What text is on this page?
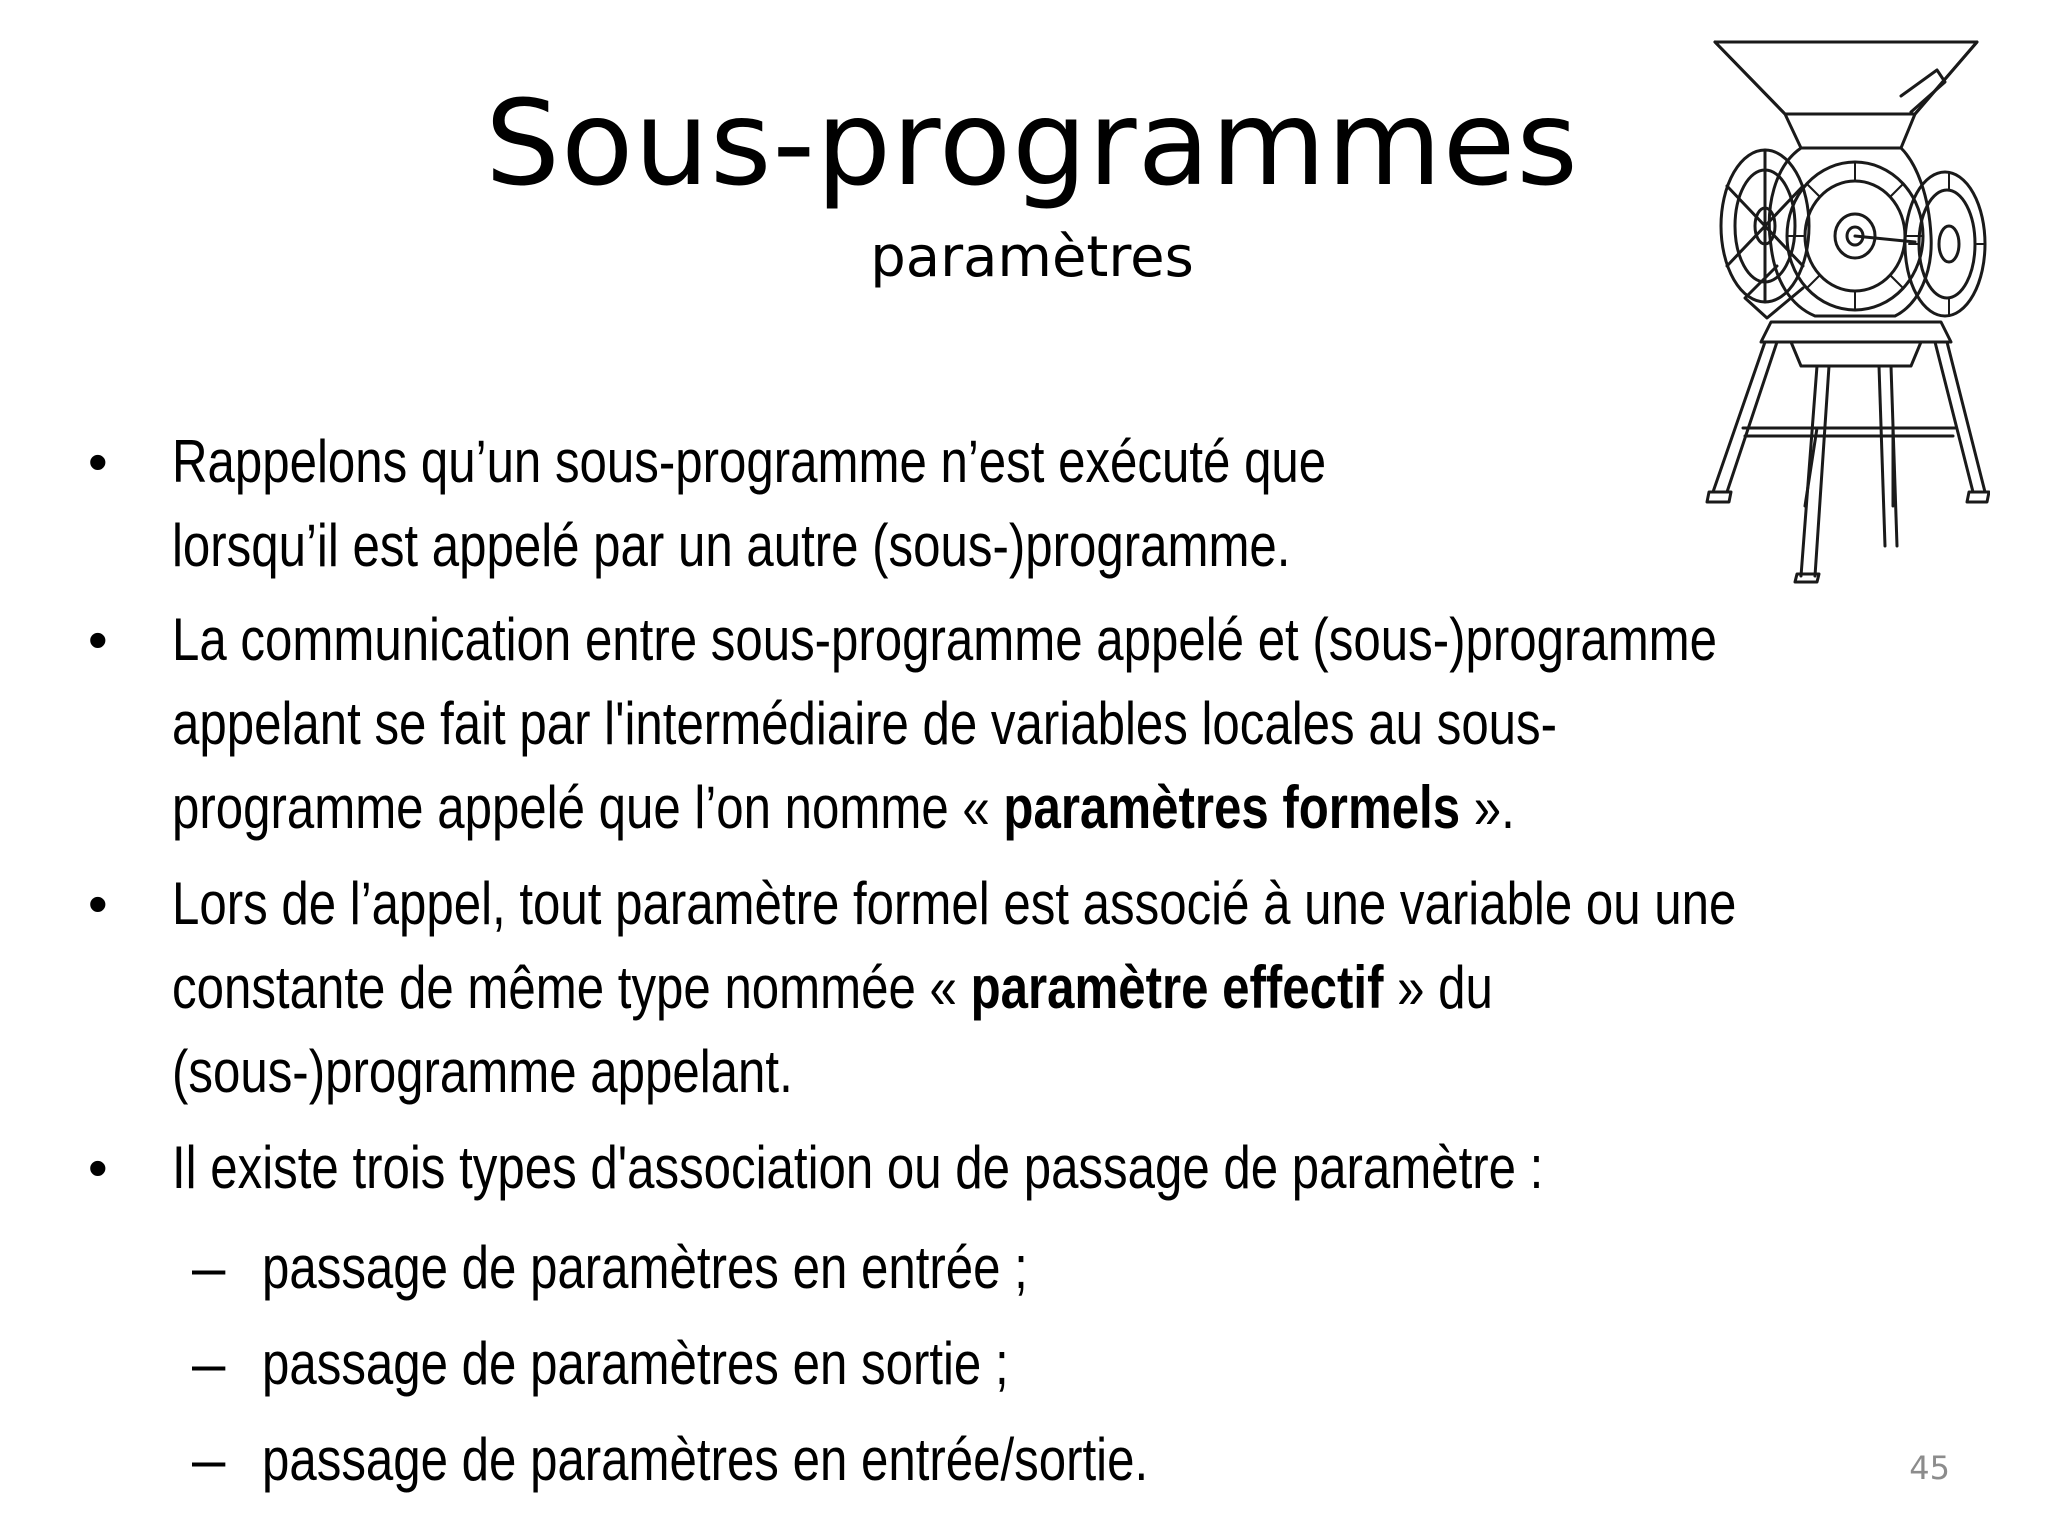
Sous-programmes
paramètres
• Rappelons qu’un sous-programme n’est exécuté que
lorsqu’il est appelé par un autre (sous-)programme.
• La communication entre sous-programme appelé et (sous-)programme
appelant se fait par l'intermédiaire de variables locales au sous-
programme appelé que l’on nomme « paramètres formels ».
• Lors de l’appel, tout paramètre formel est associé à une variable ou une
constante de même type nommée « paramètre effectif » du
(sous-)programme appelant.
• Il existe trois types d'association ou de passage de paramètre :
– passage de paramètres en entrée ;
– passage de paramètres en sortie ;
– passage de paramètres en entrée/sortie.	45
